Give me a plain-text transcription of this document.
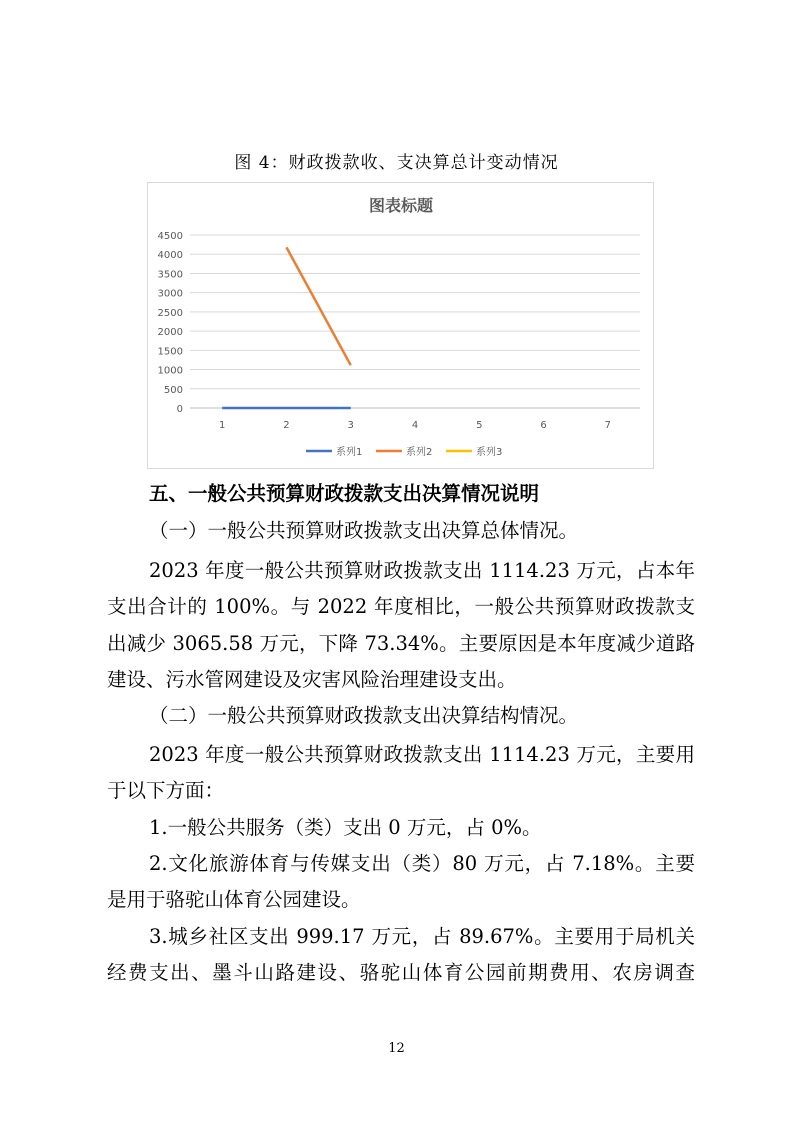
图 4：财政拨款收、支决算总计变动情况
图表标题
0
500
1000
1500
2000
2500
3000
3500
4000
4500
1	2	3	4	5	6	7
系列1	系列2	系列3
五、一般公共预算财政拨款支出决算情况说明
（一）一般公共预算财政拨款支出决算总体情况。
2023 年度一般公共预算财政拨款支出 1114.23 万元，占本年
支出合计的 100%。与 2022 年度相比，一般公共预算财政拨款支
出减少 3065.58 万元，下降 73.34%。主要原因是本年度减少道路
建设、污水管网建设及灾害风险治理建设支出。
（二）一般公共预算财政拨款支出决算结构情况。
2023 年度一般公共预算财政拨款支出 1114.23 万元，主要用
于以下方面：
1.一般公共服务（类）支出 0 万元，占 0%。
2.文化旅游体育与传媒支出（类）80 万元，占 7.18%。主要
是用于骆驼山体育公园建设。
3.城乡社区支出 999.17 万元，占 89.67%。主要用于局机关
经费支出、墨斗山路建设、骆驼山体育公园前期费用、农房调查
12
